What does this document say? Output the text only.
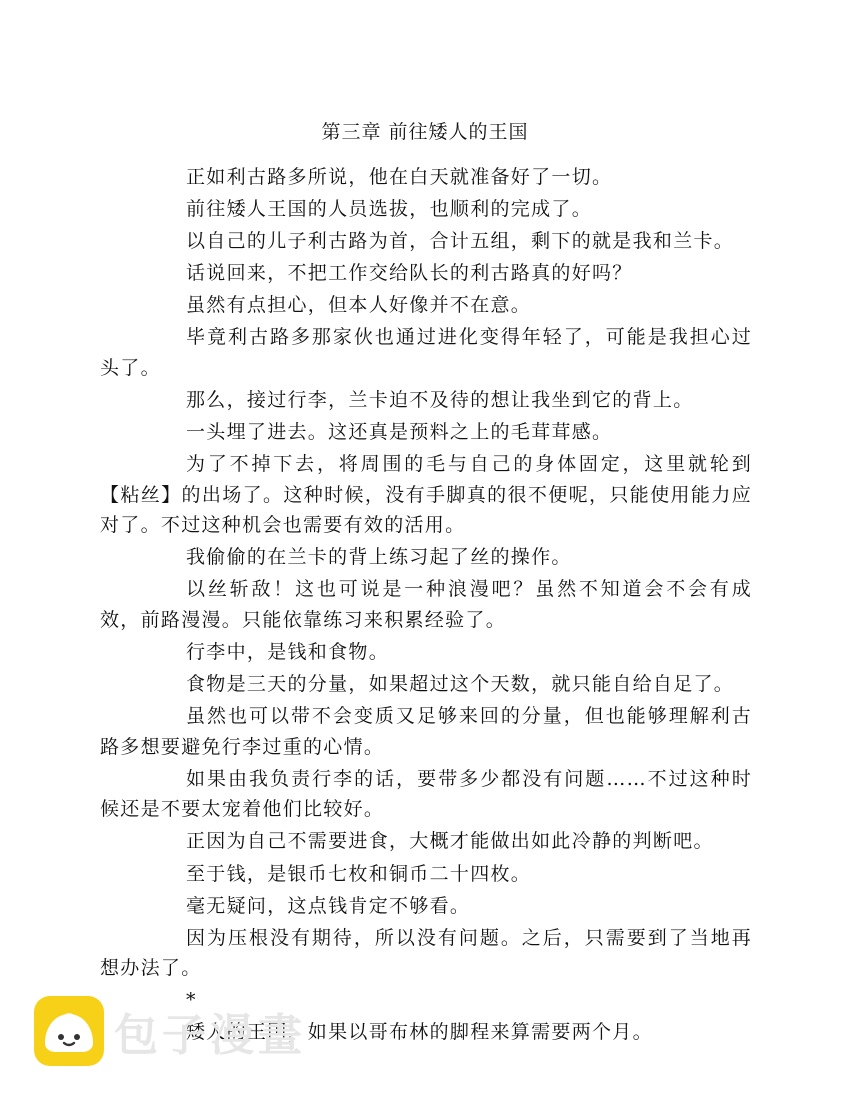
第三章 前往矮人的王国

正如利古路多所说，他在白天就准备好了一切。

前往矮人王国的人员选拔，也顺利的完成了。

以自己的儿子利古路为首，合计五组，剩下的就是我和兰卡。

话说回来，不把工作交给队长的利古路真的好吗？

虽然有点担心，但本人好像并不在意。

毕竟利古路多那家伙也通过进化变得年轻了，可能是我担心过头了。

那么，接过行李，兰卡迫不及待的想让我坐到它的背上。

一头埋了进去。这还真是预料之上的毛茸茸感。

为了不掉下去，将周围的毛与自己的身体固定，这里就轮到【粘丝】的出场了。这种时候，没有手脚真的很不便呢，只能使用能力应对了。不过这种机会也需要有效的活用。

我偷偷的在兰卡的背上练习起了丝的操作。

以丝斩敌！这也可说是一种浪漫吧？虽然不知道会不会有成效，前路漫漫。只能依靠练习来积累经验了。

行李中，是钱和食物。

食物是三天的分量，如果超过这个天数，就只能自给自足了。

虽然也可以带不会变质又足够来回的分量，但也能够理解利古路多想要避免行李过重的心情。

如果由我负责行李的话，要带多少都没有问题……不过这种时候还是不要太宠着他们比较好。

正因为自己不需要进食，大概才能做出如此冷静的判断吧。

至于钱，是银币七枚和铜币二十四枚。

毫无疑问，这点钱肯定不够看。

因为压根没有期待，所以没有问题。之后，只需要到了当地再想办法了。

*

矮人的王国，如果以哥布林的脚程来算需要两个月。

包子漫畫
